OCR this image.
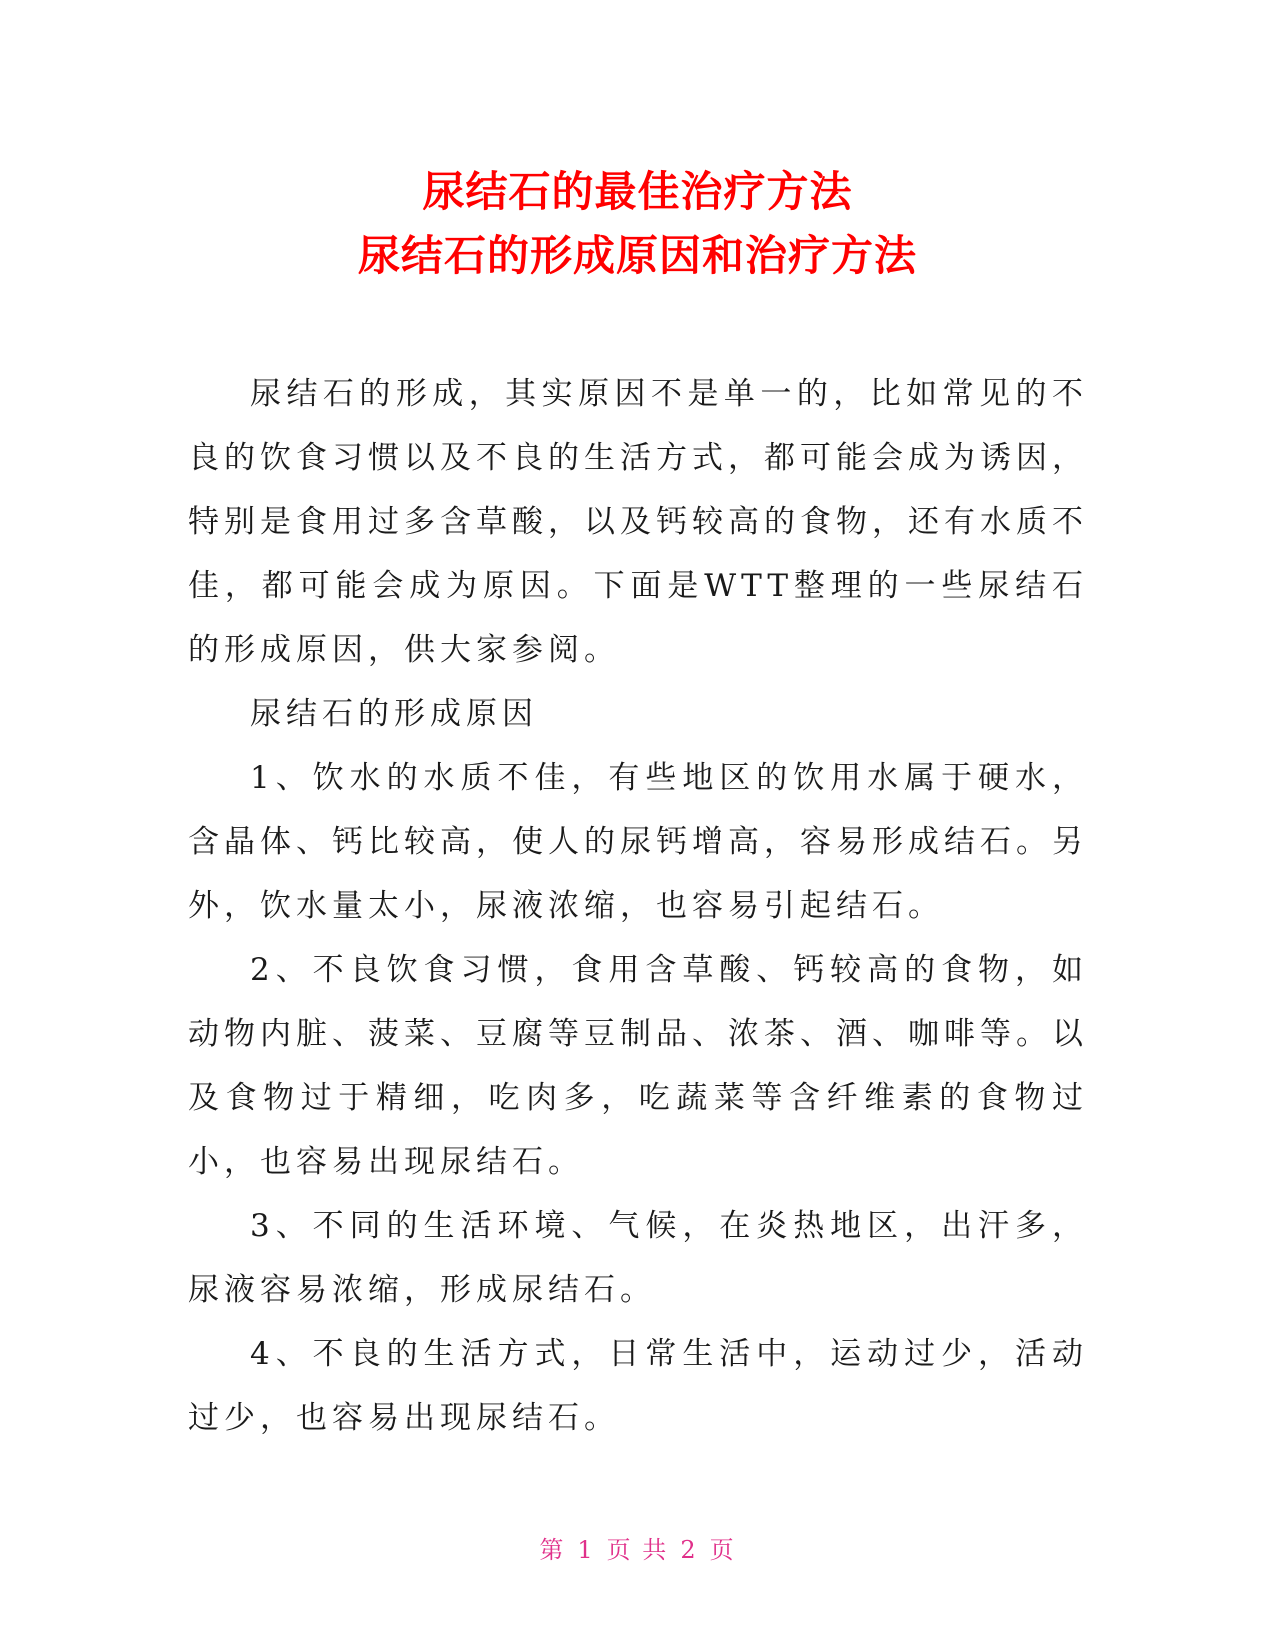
尿结石的最佳治疗方法
尿结石的形成原因和治疗方法

尿结石的形成，其实原因不是单一的，比如常见的不良的饮食习惯以及不良的生活方式，都可能会成为诱因，特别是食用过多含草酸，以及钙较高的食物，还有水质不佳，都可能会成为原因。下面是WTT整理的一些尿结石的形成原因，供大家参阅。

尿结石的形成原因

1、饮水的水质不佳，有些地区的饮用水属于硬水，含晶体、钙比较高，使人的尿钙增高，容易形成结石。另外，饮水量太小，尿液浓缩，也容易引起结石。

2、不良饮食习惯，食用含草酸、钙较高的食物，如动物内脏、菠菜、豆腐等豆制品、浓茶、酒、咖啡等。以及食物过于精细，吃肉多，吃蔬菜等含纤维素的食物过小，也容易出现尿结石。

3、不同的生活环境、气候，在炎热地区，出汗多，尿液容易浓缩，形成尿结石。

4、不良的生活方式，日常生活中，运动过少，活动过少，也容易出现尿结石。

第 1 页 共 2 页
